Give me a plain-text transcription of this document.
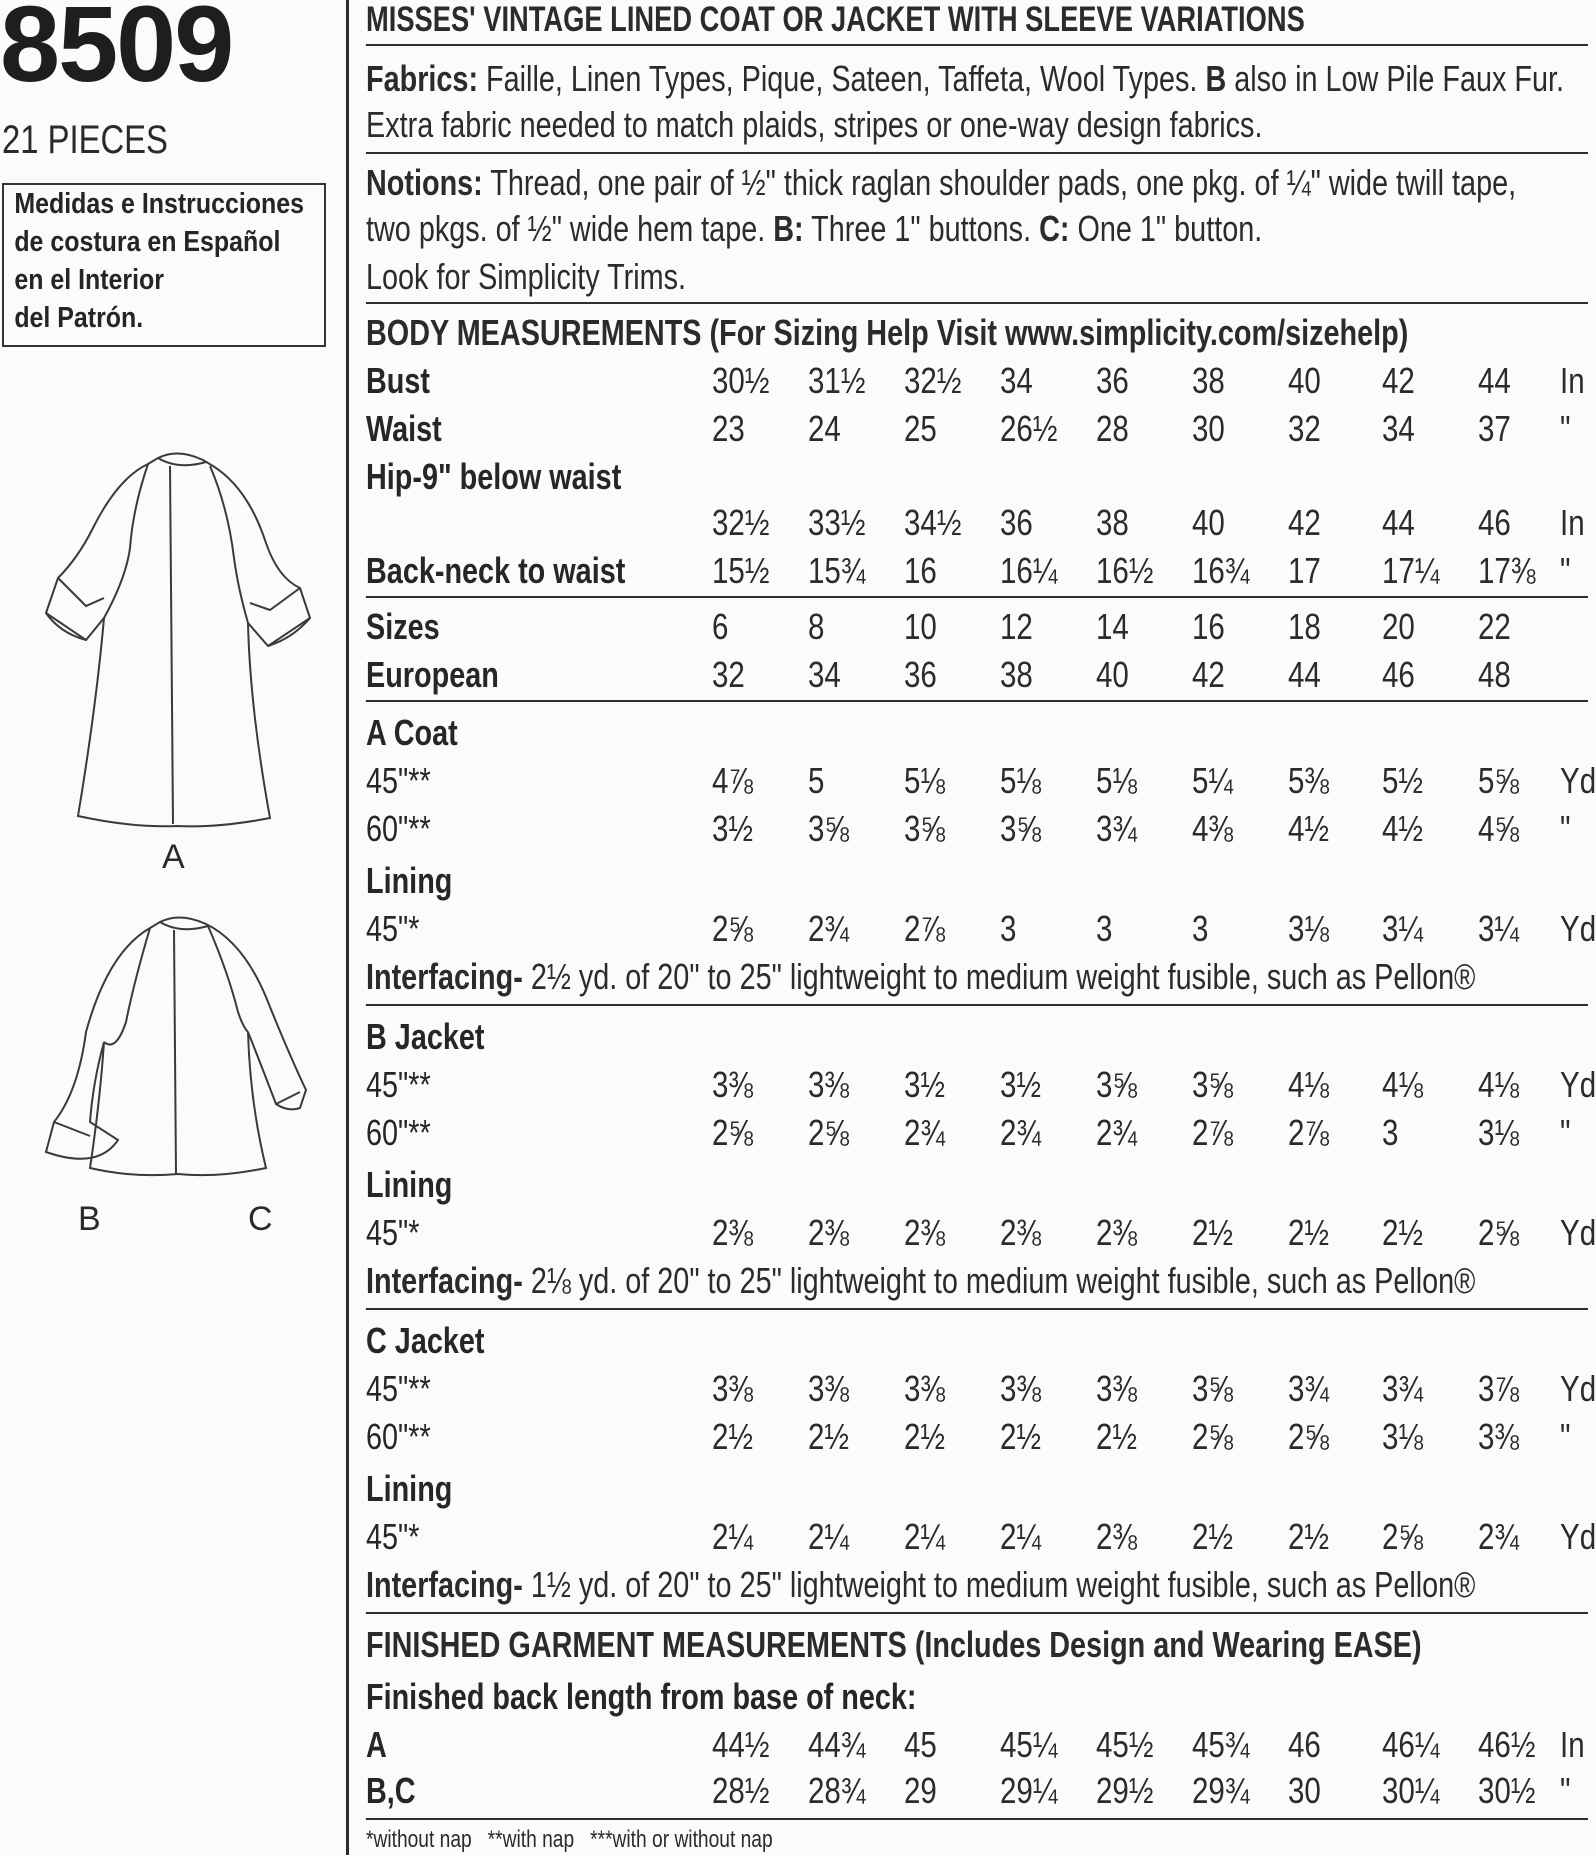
8509
21 PIECES
Medidas e Instrucciones
de costura en Español
en el Interior
del Patrón.
A
B	C
MISSES' VINTAGE LINED COAT OR JACKET WITH SLEEVE VARIATIONS
Fabrics: Faille, Linen Types, Pique, Sateen, Taffeta, Wool Types. B also in Low Pile Faux Fur.
Extra fabric needed to match plaids, stripes or one-way design fabrics.
Notions: Thread, one pair of ½" thick raglan shoulder pads, one pkg. of ¼" wide twill tape,
two pkgs. of ½" wide hem tape. B: Three 1" buttons. C: One 1" button.
Look for Simplicity Trims.
BODY MEASUREMENTS (For Sizing Help Visit www.simplicity.com/sizehelp)
Bust	30½ 31½ 32½ 34 36 38 40 42 44 In
Waist	23 24 25 26½ 28 30 32 34 37 "
Hip-9" below waist
32½ 33½ 34½ 36 38 40 42 44 46 In
Back-neck to waist 15½ 15¾ 16 16¼ 16½ 16¾ 17 17¼ 17⅜ "
Sizes	6 8 10 12 14 16 18 20 22
European	32 34 36 38 40 42 44 46 48
A Coat
45"**	4⅞ 5 5⅛ 5⅛ 5⅛ 5¼ 5⅜ 5½ 5⅝ Yd
60"**	3½ 3⅝ 3⅝ 3⅝ 3¾ 4⅜ 4½ 4½ 4⅝ "
Lining
45"*	2⅝ 2¾ 2⅞ 3 3 3 3⅛ 3¼ 3¼ Yd
Interfacing- 2½ yd. of 20" to 25" lightweight to medium weight fusible, such as Pellon®
B Jacket
45"**	3⅜ 3⅜ 3½ 3½ 3⅝ 3⅝ 4⅛ 4⅛ 4⅛ Yd
60"**	2⅝ 2⅝ 2¾ 2¾ 2¾ 2⅞ 2⅞ 3 3⅛ "
Lining
45"*	2⅜ 2⅜ 2⅜ 2⅜ 2⅜ 2½ 2½ 2½ 2⅝ Yd
Interfacing- 2⅛ yd. of 20" to 25" lightweight to medium weight fusible, such as Pellon®
C Jacket
45"**	3⅜ 3⅜ 3⅜ 3⅜ 3⅜ 3⅝ 3¾ 3¾ 3⅞ Yd
60"**	2½ 2½ 2½ 2½ 2½ 2⅝ 2⅝ 3⅛ 3⅜ "
Lining
45"*	2¼ 2¼ 2¼ 2¼ 2⅜ 2½ 2½ 2⅝ 2¾ Yd
Interfacing- 1½ yd. of 20" to 25" lightweight to medium weight fusible, such as Pellon®
FINISHED GARMENT MEASUREMENTS (Includes Design and Wearing EASE)
Finished back length from base of neck:
A	44½ 44¾ 45 45¼ 45½ 45¾ 46 46¼ 46½ In
B,C	28½ 28¾ 29 29¼ 29½ 29¾ 30 30¼ 30½ "
*without nap   **with nap   ***with or without nap
